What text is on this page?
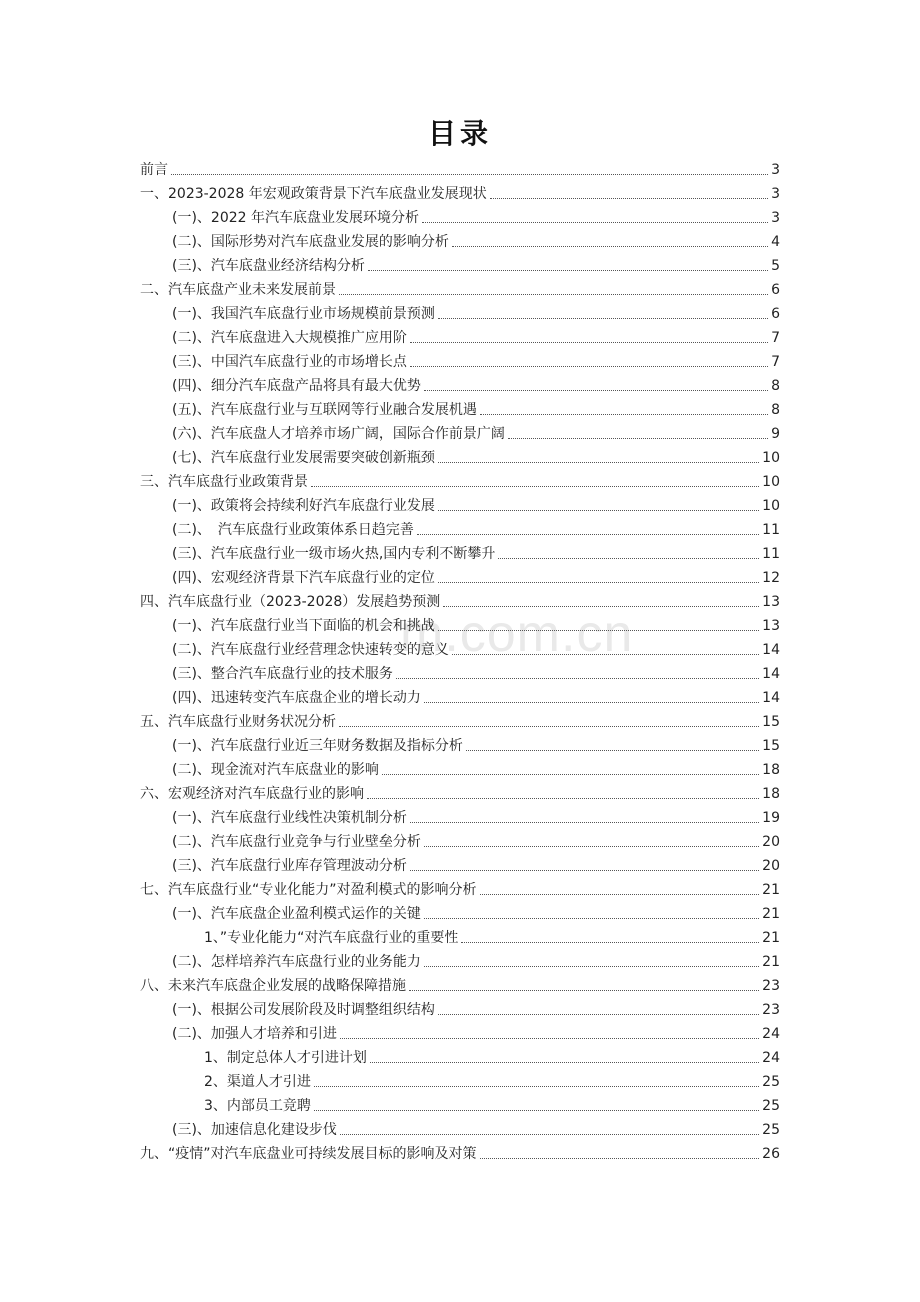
m.com.cn
目录
前言	3
一、2023-2028 年宏观政策背景下汽车底盘业发展现状	3
(一)、2022 年汽车底盘业发展环境分析	3
(二)、国际形势对汽车底盘业发展的影响分析	4
(三)、汽车底盘业经济结构分析	5
二、汽车底盘产业未来发展前景	6
(一)、我国汽车底盘行业市场规模前景预测	6
(二)、汽车底盘进入大规模推广应用阶	7
(三)、中国汽车底盘行业的市场增长点	7
(四)、细分汽车底盘产品将具有最大优势	8
(五)、汽车底盘行业与互联网等行业融合发展机遇	8
(六)、汽车底盘人才培养市场广阔，国际合作前景广阔	9
(七)、汽车底盘行业发展需要突破创新瓶颈	10
三、汽车底盘行业政策背景	10
(一)、政策将会持续利好汽车底盘行业发展	10
(二)、　汽车底盘行业政策体系日趋完善	11
(三)、汽车底盘行业一级市场火热,国内专利不断攀升	11
(四)、宏观经济背景下汽车底盘行业的定位	12
四、汽车底盘行业（2023-2028）发展趋势预测	13
(一)、汽车底盘行业当下面临的机会和挑战	13
(二)、汽车底盘行业经营理念快速转变的意义	14
(三)、整合汽车底盘行业的技术服务	14
(四)、迅速转变汽车底盘企业的增长动力	14
五、汽车底盘行业财务状况分析	15
(一)、汽车底盘行业近三年财务数据及指标分析	15
(二)、现金流对汽车底盘业的影响	18
六、宏观经济对汽车底盘行业的影响	18
(一)、汽车底盘行业线性决策机制分析	19
(二)、汽车底盘行业竞争与行业壁垒分析	20
(三)、汽车底盘行业库存管理波动分析	20
七、汽车底盘行业“专业化能力”对盈利模式的影响分析	21
(一)、汽车底盘企业盈利模式运作的关键	21
1、”专业化能力“对汽车底盘行业的重要性	21
(二)、怎样培养汽车底盘行业的业务能力	21
八、未来汽车底盘企业发展的战略保障措施	23
(一)、根据公司发展阶段及时调整组织结构	23
(二)、加强人才培养和引进	24
1、制定总体人才引进计划	24
2、渠道人才引进	25
3、内部员工竞聘	25
(三)、加速信息化建设步伐	25
九、“疫情”对汽车底盘业可持续发展目标的影响及对策	26
